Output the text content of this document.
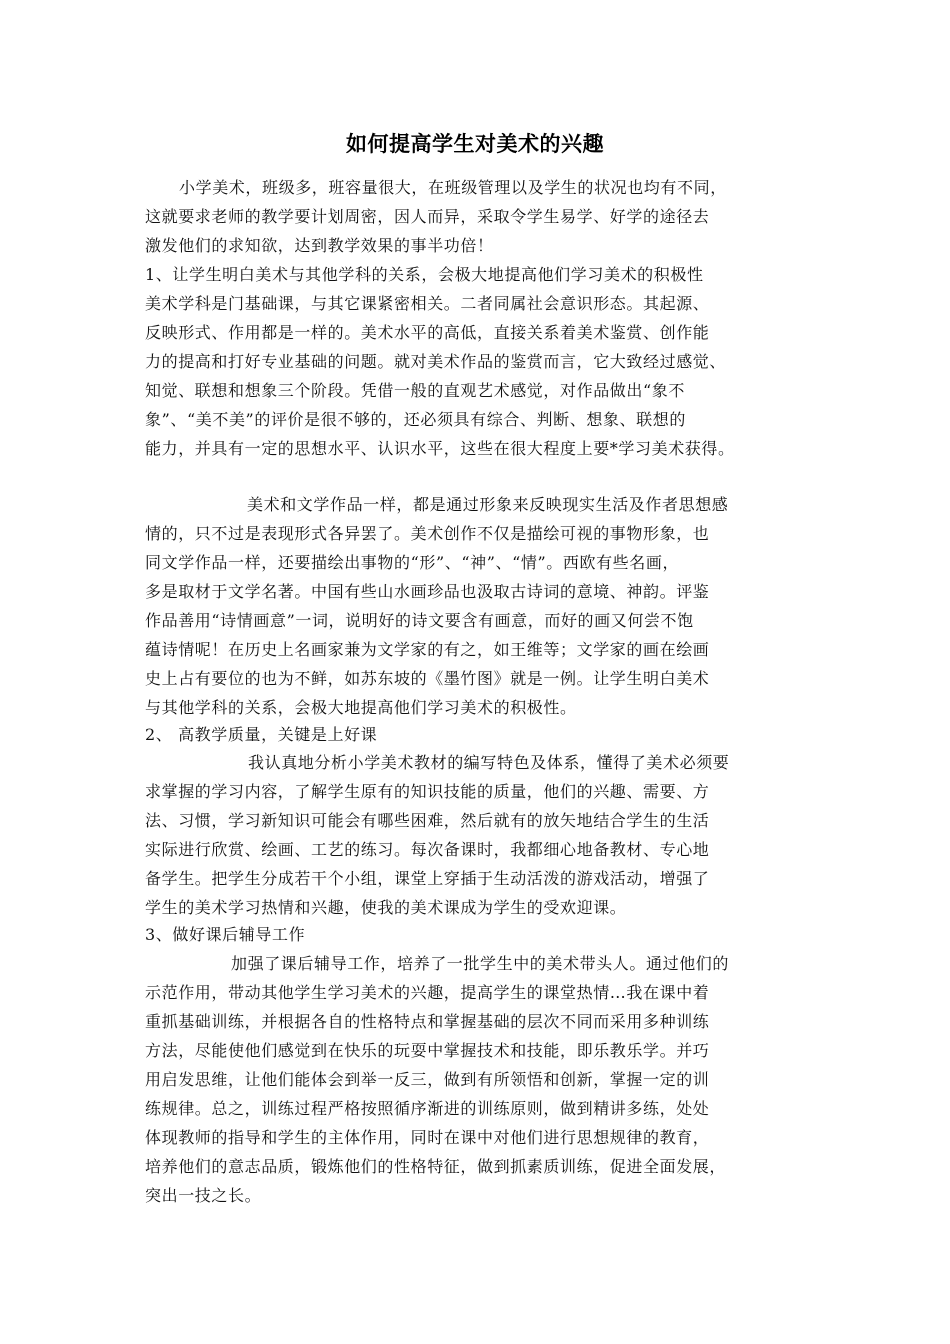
如何提高学生对美术的兴趣
小学美术，班级多，班容量很大，在班级管理以及学生的状况也均有不同，
这就要求老师的教学要计划周密，因人而异，采取令学生易学、好学的途径去
激发他们的求知欲，达到教学效果的事半功倍！
1、让学生明白美术与其他学科的关系，会极大地提高他们学习美术的积极性
美术学科是门基础课，与其它课紧密相关。二者同属社会意识形态。其起源、
反映形式、作用都是一样的。美术水平的高低，直接关系着美术鉴赏、创作能
力的提高和打好专业基础的问题。就对美术作品的鉴赏而言，它大致经过感觉、
知觉、联想和想象三个阶段。凭借一般的直观艺术感觉，对作品做出“象不
象”、“美不美”的评价是很不够的，还必须具有综合、判断、想象、联想的
能力，并具有一定的思想水平、认识水平，这些在很大程度上要*学习美术获得。
美术和文学作品一样，都是通过形象来反映现实生活及作者思想感
情的，只不过是表现形式各异罢了。美术创作不仅是描绘可视的事物形象，也
同文学作品一样，还要描绘出事物的“形”、“神”、“情”。西欧有些名画，
多是取材于文学名著。中国有些山水画珍品也汲取古诗词的意境、神韵。评鉴
作品善用“诗情画意”一词，说明好的诗文要含有画意，而好的画又何尝不饱
蕴诗情呢！在历史上名画家兼为文学家的有之，如王维等；文学家的画在绘画
史上占有要位的也为不鲜，如苏东坡的《墨竹图》就是一例。让学生明白美术
与其他学科的关系，会极大地提高他们学习美术的积极性。
2、 高教学质量，关键是上好课
我认真地分析小学美术教材的编写特色及体系，懂得了美术必须要
求掌握的学习内容，了解学生原有的知识技能的质量，他们的兴趣、需要、方
法、习惯，学习新知识可能会有哪些困难，然后就有的放矢地结合学生的生活
实际进行欣赏、绘画、工艺的练习。每次备课时，我都细心地备教材、专心地
备学生。把学生分成若干个小组，课堂上穿插于生动活泼的游戏活动，增强了
学生的美术学习热情和兴趣，使我的美术课成为学生的受欢迎课。
3、做好课后辅导工作
加强了课后辅导工作，培养了一批学生中的美术带头人。通过他们的
示范作用，带动其他学生学习美术的兴趣，提高学生的课堂热情…我在课中着
重抓基础训练，并根据各自的性格特点和掌握基础的层次不同而采用多种训练
方法，尽能使他们感觉到在快乐的玩耍中掌握技术和技能，即乐教乐学。并巧
用启发思维，让他们能体会到举一反三，做到有所领悟和创新，掌握一定的训
练规律。总之，训练过程严格按照循序渐进的训练原则，做到精讲多练，处处
体现教师的指导和学生的主体作用，同时在课中对他们进行思想规律的教育，
培养他们的意志品质，锻炼他们的性格特征，做到抓素质训练，促进全面发展，
突出一技之长。
